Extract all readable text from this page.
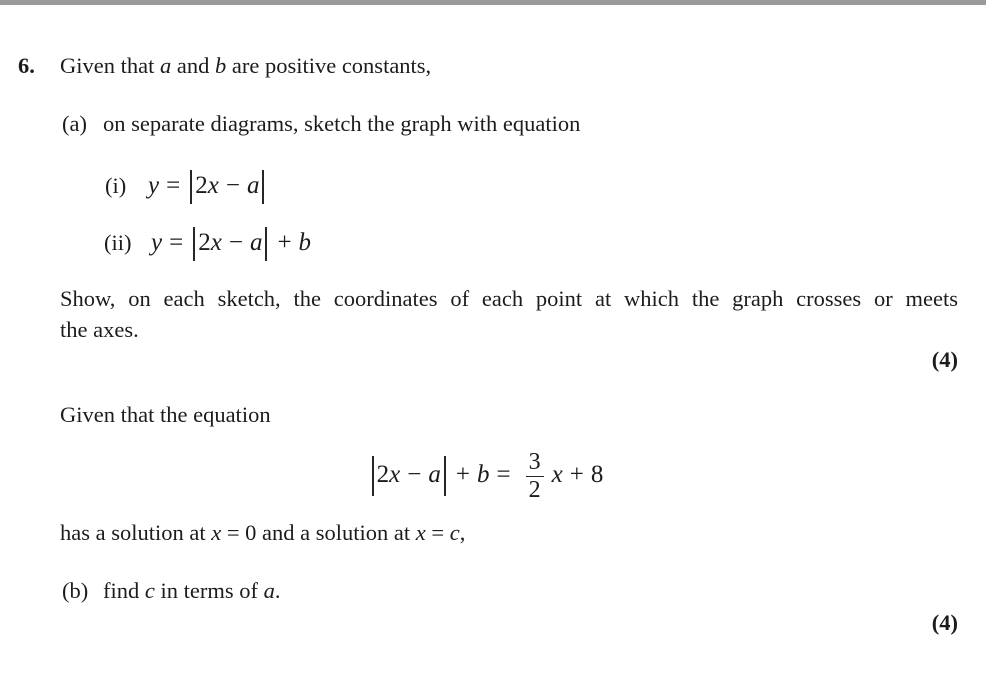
6. Given that a and b are positive constants,
(a) on separate diagrams, sketch the graph with equation
(i) y = 2x − a
(ii) y = 2x − a + b
Show, on each sketch, the coordinates of each point at which the graph crosses or meets
the axes.
(4)
Given that the equation
$2x - a + b = \frac{3}{2}$ x + 8
has a solution at x = 0 and a solution at x = c,
(b) find c in terms of a.
(4)
